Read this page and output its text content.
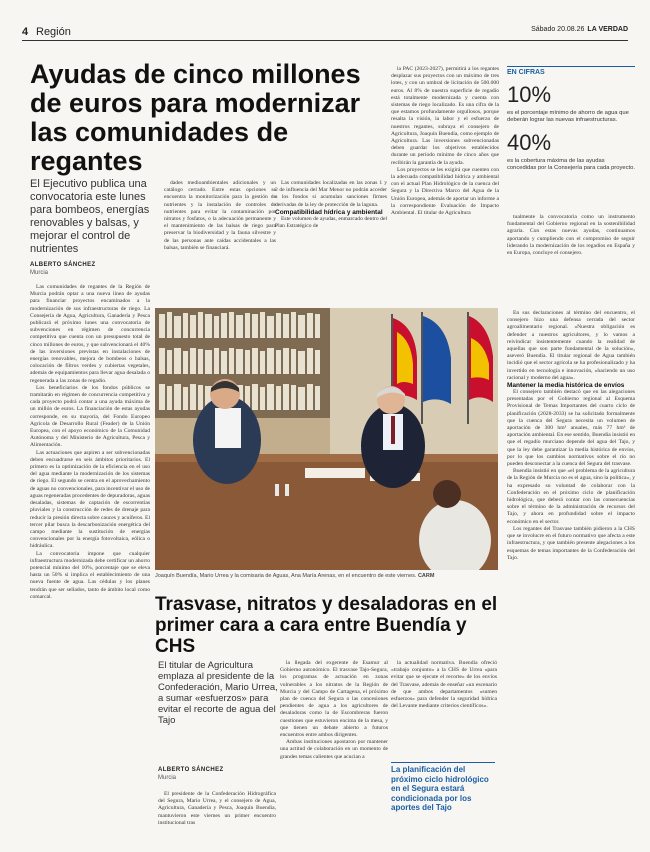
4 Región	Sábado 20.08.26 LA VERDAD
Ayudas de cinco millones de euros para modernizar las comunidades de regantes

El Ejecutivo publica una convocatoria este lunes para bombeos, energías renovables y balsas, y mejorar el control de nutrientes

ALBERTO SÁNCHEZ
Murcia

Las comunidades de regantes de la Región de Murcia podrán optar a una nueva línea de ayudas para financiar proyectos encaminados a la modernización de sus infraestructuras de riego. La Consejería de Agua, Agricultura, Ganadería y Pesca publicará el próximo lunes una convocatoria de subvenciones en régimen de concurrencia competitiva que cuenta con un presupuesto total de cinco millones de euros, y que subvencionará el 40% de las inversiones previstas en instalaciones de energías renovables, mejora de bombeos o balsas, colocación de filtros verdes y cubiertas vegetales, además de equipamientos para llevar agua desalada o regenerada a las zonas de regadío.

Los beneficiarios de los fondos públicos se tramitarán en régimen de concurrencia competitiva y cada proyecto podrá contar a una ayuda máxima de un millón de euros. La financiación de estas ayudas corresponde, en su mayoría, del Fondo Europeo Agrícola de Desarrollo Rural (Feader) de la Unión Europea, con el apoyo económico de la Comunidad Autónoma y del Ministerio de Agricultura, Pesca y Alimentación.

Las actuaciones que aspiren a ser subvencionadas deben encuadrarse en seis ámbitos prioritarios. El primero es la optimización de la eficiencia en el uso del agua mediante la modernización de los sistemas de riego. El segundo se centra en el aprovechamiento de aguas no convencionales, para incentivar el uso de aguas regeneradas procedentes de depuradoras, aguas desaladas, sistemas de captación de escorrentías pluviales y la construcción de redes de drenaje para reducir la presión directa sobre cauces y acuíferos. El tercer pilar busca la descarbonización energética del campo mediante la sustitución de energías convencionales por la energía fotovoltaica, eólica o hidráulica.

La convocatoria impone que cualquier infraestructura modernizada debe certificar un ahorro potencial mínimo del 10%, porcentaje que se eleva hasta un 50% si implica el establecimiento de una nueva fuente de agua. Las cédulas y los planes tendrán que ser sellados, tanto de ámbito local como comarcal.

dades medioambientales adicionales y un catálogo cerrado. Entre estas opciones se encuentra la monitorización para la gestión de nutrientes y la instalación de controles de nutrientes para evitar la contaminación por nitratos y fosfatos, o la adecuación permanente y el mantenimiento de las balsas de riego para preservar la biodiversidad y la fauna silvestre y de las personas ante caídas accidentales a las balsas, también se financiará.

Las comunidades localizadas en las zonas 1 y 2 de influencia del Mar Menor no podrán acceder a los fondos si acumulan sanciones firmes derivadas de la ley de protección de la laguna.

Compatibilidad hídrica y ambiental

Este volumen de ayudas, enmarcado dentro del Plan Estratégico de

la PAC (2023-2027), permitirá a los regantes desplazar sus proyectos con un máximo de tres lotes, y con un umbral de licitación de 500.000 euros. Al 8% de nuestra superficie de regadío está totalmente modernizada y cuenta con sistemas de riego localizado. Es una cifra de la que estamos profundamente orgullosos, porque resalta la visión, la labor y el esfuerzo de nuestros regantes, subraya el consejero de Agricultura, Joaquín Buendía, como ejemplo de Agricultura. Las inversiones subvencionadas deben guardar los objetivos establecidos durante un período mínimo de cinco años que recibirán la garantía de la ayuda.

Los proyectos se les exigirá que cuenten con la adecuada compatibilidad hídrica y ambiental con el actual Plan Hidrológico de la cuenca del Segura y la Directiva Marco del Agua de la Unión Europea, además de aportar un informe a la correspondiente Evaluación de Impacto Ambiental. El titular de Agricultura

EN CIFRAS
10%
es el porcentaje mínimo de ahorro de agua que deberán lograr las nuevas infraestructuras.
40%
es la cobertura máxima de las ayudas concedidas por la Consejería para cada proyecto.

tualmente la convocatoria como un instrumento fundamental del Gobierno regional en la sostenibilidad agraria. Con estas nuevas ayudas, continuamos aportando y cumpliendo con el compromiso de seguir liderando la modernización de los regadíos en España y en Europa, concluye el consejero.

Joaquín Buendía, Mario Urrea y la comisaria de Aguas, Ana María Arenas, en el encuentro de este viernes. CARM
Trasvase, nitratos y desaladoras en el primer cara a cara entre Buendía y CHS

El titular de Agricultura emplaza al presidente de la Confederación, Mario Urrea, a sumar «esfuerzos» para evitar el recorte de agua del Tajo

ALBERTO SÁNCHEZ
Murcia

El presidente de la Confederación Hidrográfica del Segura, Mario Urrea, y el consejero de Agua, Agricultura, Ganadería y Pesca, Joaquín Buendía, mantuvieron este viernes un primer encuentro institucional tras

la llegada del exgerente de Esamur al Gobierno autonómico. El trasvase Tajo-Segura, los programas de actuación en zonas vulnerables a los nitratos de la Región de Murcia y del Campo de Cartagena, el próximo plan de cuenca del Segura o las concesiones pendientes de agua a los agricultores de desaladoras como la de Escombreras fueron cuestiones que estuvieron encima de la mesa, y que tienen un debate abierto a futuros encuentros entre ambos dirigentes.

Ambas instituciones apostaron por mantener una actitud de colaboración en un momento de grandes temas calientes que acucian a

la actualidad normativa. Buendía ofreció «trabajo conjunto» a la CHS de Urrea «para evitar que se ejecute el recorte» de los envíos del Trasvase, además de enseñar «un escenario de que ambos departamentos «sumen esfuerzos» para defender la seguridad hídrica del Levante mediante criterios científicos».

La planificación del próximo ciclo hidrológico en el Segura estará condicionada por los aportes del Tajo

En sus declaraciones al término del encuentro, el consejero hizo una defensa cerrada del sector agroalimentario regional. «Nuestra obligación es defender a nuestros agricultores, y lo vamos a reivindicar insistentemente cuando la realidad de aquellas que son parte fundamental de la solución», aseveró Buendía. El titular regional de Agua también incidió que el sector agrícola se ha profesionalizado y ha invertido en tecnología e innovación, «haciendo un uso racional y moderno del agua».

Mantener la media histórica de envíos

El consejero también destacó que en las alegaciones presentadas por el Gobierno regional al Esquema Provisional de Temas Importantes del cuarto ciclo de planificación (2028-2033) se ha solicitado formalmente que la cuenca del Segura necesita un volumen de aportación de 300 hm³ anuales, más 77 hm³ de aportación ambiental. En ese sentido, Buendía insistió en que el regadío murciano depende del agua del Tajo, y que la ley debe garantizar la media histórica de envíos, por lo que los cambios normativos sobre el río no pueden desconectar a la cuenca del Segura del trasvase.

Buendía insistió en que «el problema de la agricultura de la Región de Murcia no es el agua, sino la política», y ha expresado su voluntad de colaborar con la Confederación en el próximo ciclo de planificación hidrológica, que deberá contar con las consecuencias sobre el término de la administración de recursos del Tajo, y ahora en profundidad sobre el impacto económico en el sector.

Los regantes del Trasvase también pidieron a la CHS que se involucre en el futuro normativo que afecta a este infraestructura, y que también presente alegaciones a los esquemas de temas importantes de la Confederación del Tajo.
